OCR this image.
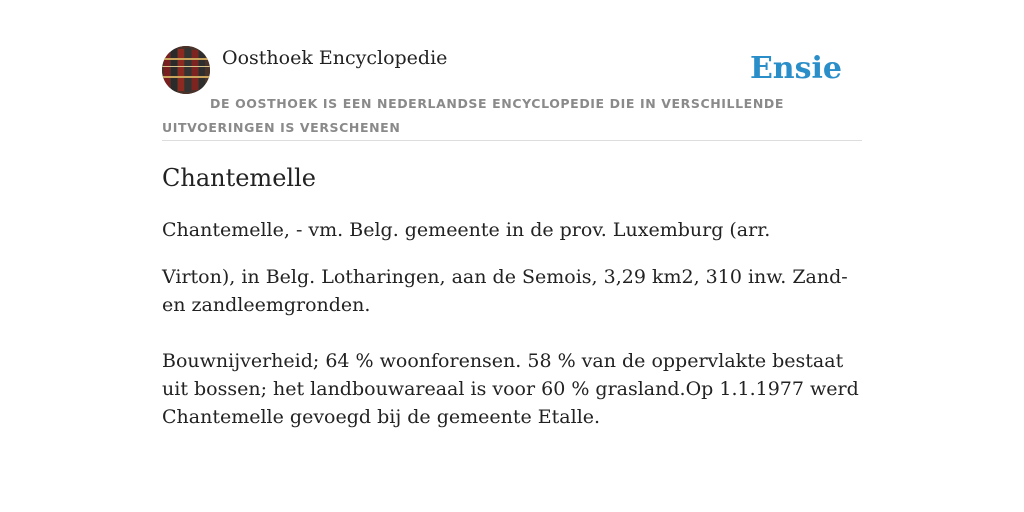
Oosthoek Encyclopedie	Ensie
DE OOSTHOEK IS EEN NEDERLANDSE ENCYCLOPEDIE DIE IN VERSCHILLENDE UITVOERINGEN IS VERSCHENEN
Chantemelle

Chantemelle, - vm. Belg. gemeente in de prov. Luxemburg (arr.

Virton), in Belg. Lotharingen, aan de Semois, 3,29 km2, 310 inw. Zand- en zandleemgronden.

Bouwnijverheid; 64 % woonforensen. 58 % van de oppervlakte bestaat uit bossen; het landbouwareaal is voor 60 % grasland.Op 1.1.1977 werd Chantemelle gevoegd bij de gemeente Etalle.
